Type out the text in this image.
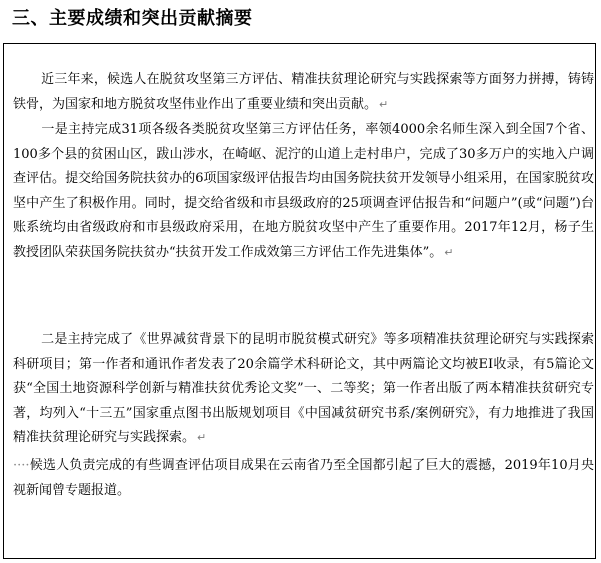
三、主要成绩和突出贡献摘要

近三年来，候选人在脱贫攻坚第三方评估、精准扶贫理论研究与实践探索等方面努力拼搏，铸铸铁骨，为国家和地方脱贫攻坚伟业作出了重要业绩和突出贡献。 ↵

一是主持完成31项各级各类脱贫攻坚第三方评估任务，率领4000余名师生深入到全国7个省、100多个县的贫困山区，跋山涉水，在崎岖、泥泞的山道上走村串户，完成了30多万户的实地入户调查评估。提交给国务院扶贫办的6项国家级评估报告均由国务院扶贫开发领导小组采用，在国家脱贫攻坚中产生了积极作用。同时，提交给省级和市县级政府的25项调查评估报告和“问题户”(或“问题”)台账系统均由省级政府和市县级政府采用，在地方脱贫攻坚中产生了重要作用。2017年12月，杨子生教授团队荣获国务院扶贫办“扶贫开发工作成效第三方评估工作先进集体”。 ↵

二是主持完成了《世界减贫背景下的昆明市脱贫模式研究》等多项精准扶贫理论研究与实践探索科研项目；第一作者和通讯作者发表了20余篇学术科研论文，其中两篇论文均被EI收录，有5篇论文获“全国土地资源科学创新与精准扶贫优秀论文奖”一、二等奖；第一作者出版了两本精准扶贫研究专著，均列入“十三五”国家重点图书出版规划项目《中国减贫研究书系/案例研究》，有力地推进了我国精准扶贫理论研究与实践探索。 ↵

····候选人负责完成的有些调查评估项目成果在云南省乃至全国都引起了巨大的震撼，2019年10月央视新闻曾专题报道。
